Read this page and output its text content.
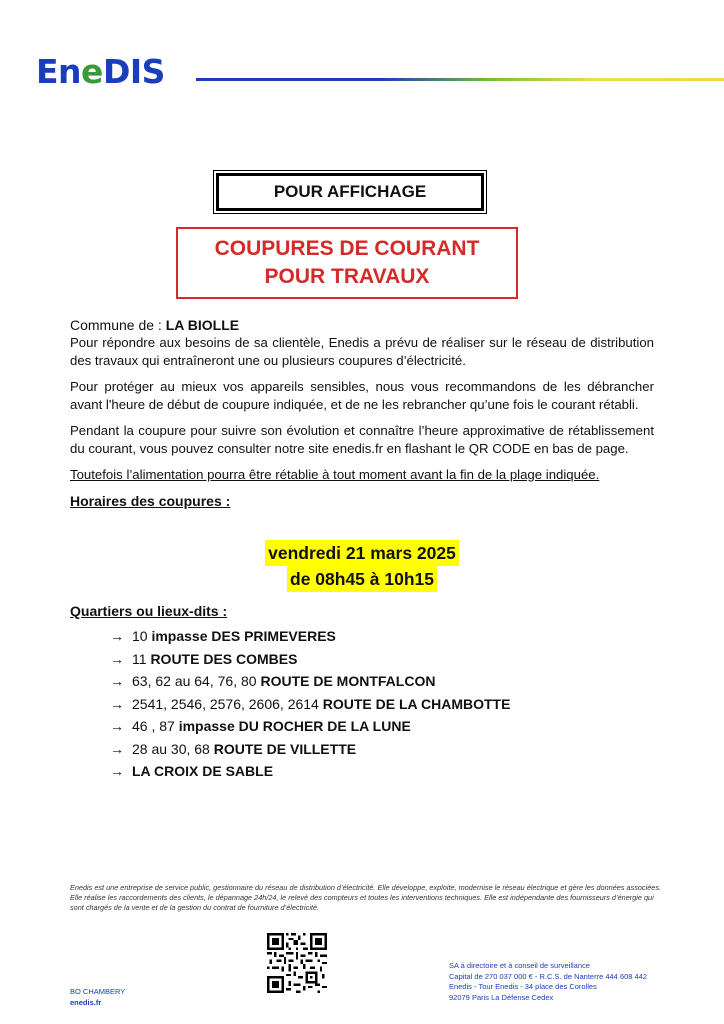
EneDIS
POUR AFFICHAGE
COUPURES DE COURANT
POUR TRAVAUX
Commune de : LA BIOLLE

Pour répondre aux besoins de sa clientèle, Enedis a prévu de réaliser sur le réseau de distribution des travaux qui entraîneront une ou plusieurs coupures d’électricité.

Pour protéger au mieux vos appareils sensibles, nous vous recommandons de les débrancher avant l'heure de début de coupure indiquée, et de ne les rebrancher qu’une fois le courant rétabli.

Pendant la coupure pour suivre son évolution et connaître l’heure approximative de rétablissement du courant, vous pouvez consulter notre site enedis.fr en flashant le QR CODE en bas de page.

Toutefois l’alimentation pourra être rétablie à tout moment avant la fin de la plage indiquée.

Horaires des coupures :
vendredi 21 mars 2025
de 08h45 à 10h15
Quartiers ou lieux-dits :
→ 10 impasse DES PRIMEVERES
→ 11 ROUTE DES COMBES
→ 63, 62 au 64, 76, 80 ROUTE DE MONTFALCON
→ 2541, 2546, 2576, 2606, 2614 ROUTE DE LA CHAMBOTTE
→ 46 , 87 impasse DU ROCHER DE LA LUNE
→ 28 au 30, 68 ROUTE DE VILLETTE
→ LA CROIX DE SABLE
Enedis est une entreprise de service public, gestionnaire du réseau de distribution d’électricité. Elle développe, exploite, modernise le réseau électrique et gère les données associées. Elle réalise les raccordements des clients, le dépannage 24h/24, le relevé des compteurs et toutes les interventions techniques. Elle est indépendante des fournisseurs d’énergie qui sont chargés de la vente et de la gestion du contrat de fourniture d’électricité.
BO CHAMBERY
enedis.fr
SA à directoire et à conseil de surveillance
Capital de 270 037 000 € - R.C.S. de Nanterre 444 608 442
Enedis - Tour Enedis - 34 place des Corolles
92079 Paris La Défense Cedex
